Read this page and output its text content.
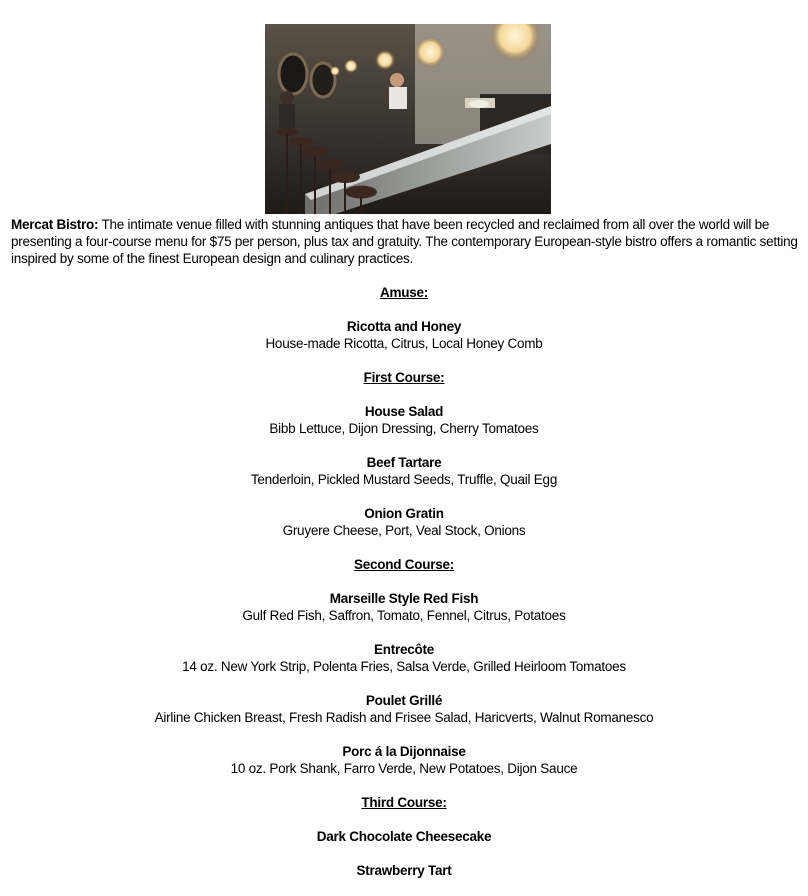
Mercat Bistro: The intimate venue filled with stunning antiques that have been recycled and reclaimed from all over the world will be presenting a four-course menu for $75 per person, plus tax and gratuity. The contemporary European-style bistro offers a romantic setting inspired by some of the finest European design and culinary practices.
Amuse:
Ricotta and Honey
House-made Ricotta, Citrus, Local Honey Comb
First Course:
House Salad
Bibb Lettuce, Dijon Dressing, Cherry Tomatoes
Beef Tartare
Tenderloin, Pickled Mustard Seeds, Truffle, Quail Egg
Onion Gratin
Gruyere Cheese, Port, Veal Stock, Onions
Second Course:
Marseille Style Red Fish
Gulf Red Fish, Saffron, Tomato, Fennel, Citrus, Potatoes
Entrecôte
14 oz. New York Strip, Polenta Fries, Salsa Verde, Grilled Heirloom Tomatoes
Poulet Grillé
Airline Chicken Breast, Fresh Radish and Frisee Salad, Haricverts, Walnut Romanesco
Porc á la Dijonnaise
10 oz. Pork Shank, Farro Verde, New Potatoes, Dijon Sauce
Third Course:
Dark Chocolate Cheesecake
Strawberry Tart
